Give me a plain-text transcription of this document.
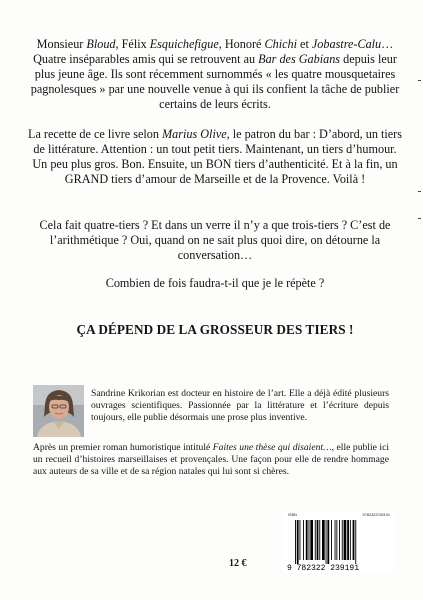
Monsieur Bloud, Félix Esquichefigue, Honoré Chichi et Jobastre-Calu… Quatre inséparables amis qui se retrouvent au Bar des Gabians depuis leur plus jeune âge. Ils sont récemment surnommés « les quatre mousquetaires pagnolesques » par une nouvelle venue à qui ils confient la tâche de publier certains de leurs écrits.

La recette de ce livre selon Marius Olive, le patron du bar : D’abord, un tiers de littérature. Attention : un tout petit tiers. Maintenant, un tiers d’humour. Un peu plus gros. Bon. Ensuite, un BON tiers d’authenticité. Et à la fin, un GRAND tiers d’amour de Marseille et de la Provence. Voilà !

Cela fait quatre-tiers ? Et dans un verre il n’y a que trois-tiers ? C’est de l’arithmétique ? Oui, quand on ne sait plus quoi dire, on détourne la conversation…

Combien de fois faudra-t-il que je le répète ?

ÇA DÉPEND DE LA GROSSEUR DES TIERS !

Sandrine Krikorian est docteur en histoire de l’art. Elle a déjà édité plusieurs ouvrages scientifiques. Passionnée par la littérature et l’écriture depuis toujours, elle publie désormais une prose plus inventive.

Après un premier roman humoristique intitulé Faites une thèse qui disaient…, elle publie ici un recueil d’histoires marseillaises et provençales. Une façon pour elle de rendre hommage aux auteurs de sa ville et de sa région natales qui lui sont si chères.

12 €
ISBN	9782322239191
9 782322 239191
